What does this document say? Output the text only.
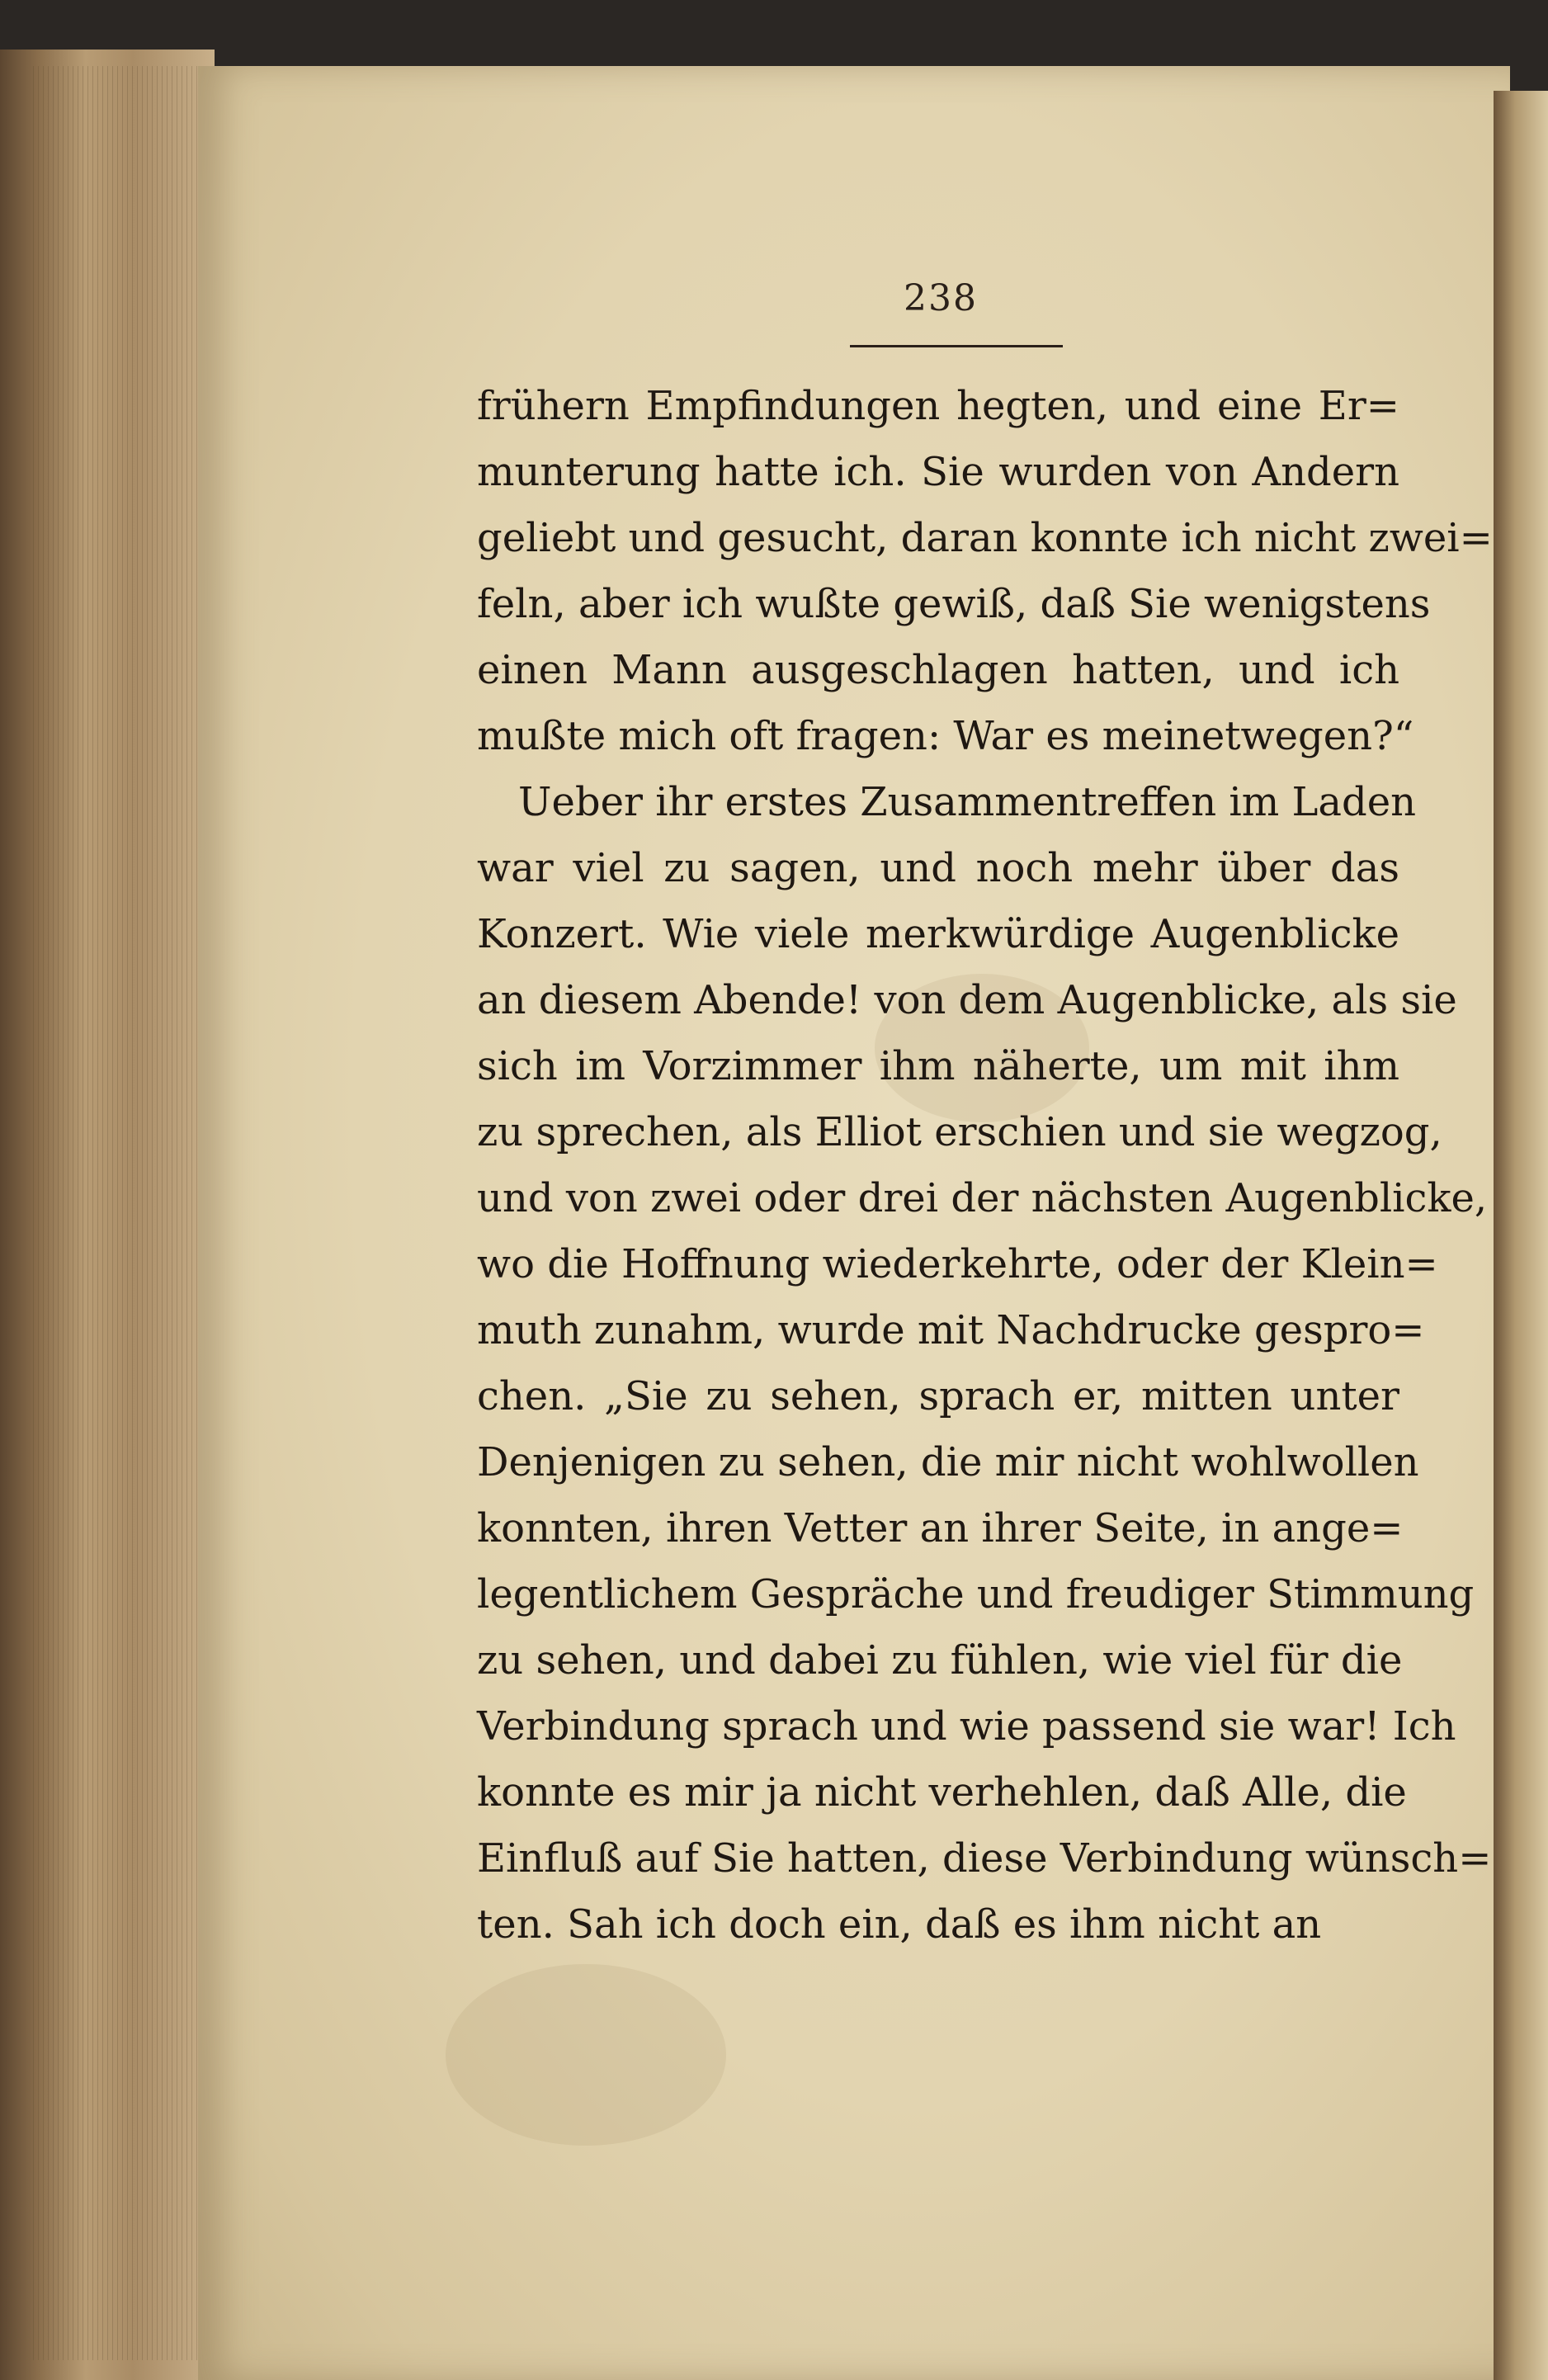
238
frühern Empfindungen hegten, und eine Er=
munterung hatte ich. Sie wurden von Andern
geliebt und gesucht, daran konnte ich nicht zwei=
feln, aber ich wußte gewiß, daß Sie wenigstens
einen Mann ausgeschlagen hatten, und ich
mußte mich oft fragen: War es meinetwegen?“
Ueber ihr erstes Zusammentreffen im Laden
war viel zu sagen, und noch mehr über das
Konzert. Wie viele merkwürdige Augenblicke
an diesem Abende! von dem Augenblicke, als sie
sich im Vorzimmer ihm näherte, um mit ihm
zu sprechen, als Elliot erschien und sie wegzog,
und von zwei oder drei der nächsten Augenblicke,
wo die Hoffnung wiederkehrte, oder der Klein=
muth zunahm, wurde mit Nachdrucke gespro=
chen. „Sie zu sehen, sprach er, mitten unter
Denjenigen zu sehen, die mir nicht wohlwollen
konnten, ihren Vetter an ihrer Seite, in ange=
legentlichem Gespräche und freudiger Stimmung
zu sehen, und dabei zu fühlen, wie viel für die
Verbindung sprach und wie passend sie war! Ich
konnte es mir ja nicht verhehlen, daß Alle, die
Einfluß auf Sie hatten, diese Verbindung wünsch=
ten. Sah ich doch ein, daß es ihm nicht an
